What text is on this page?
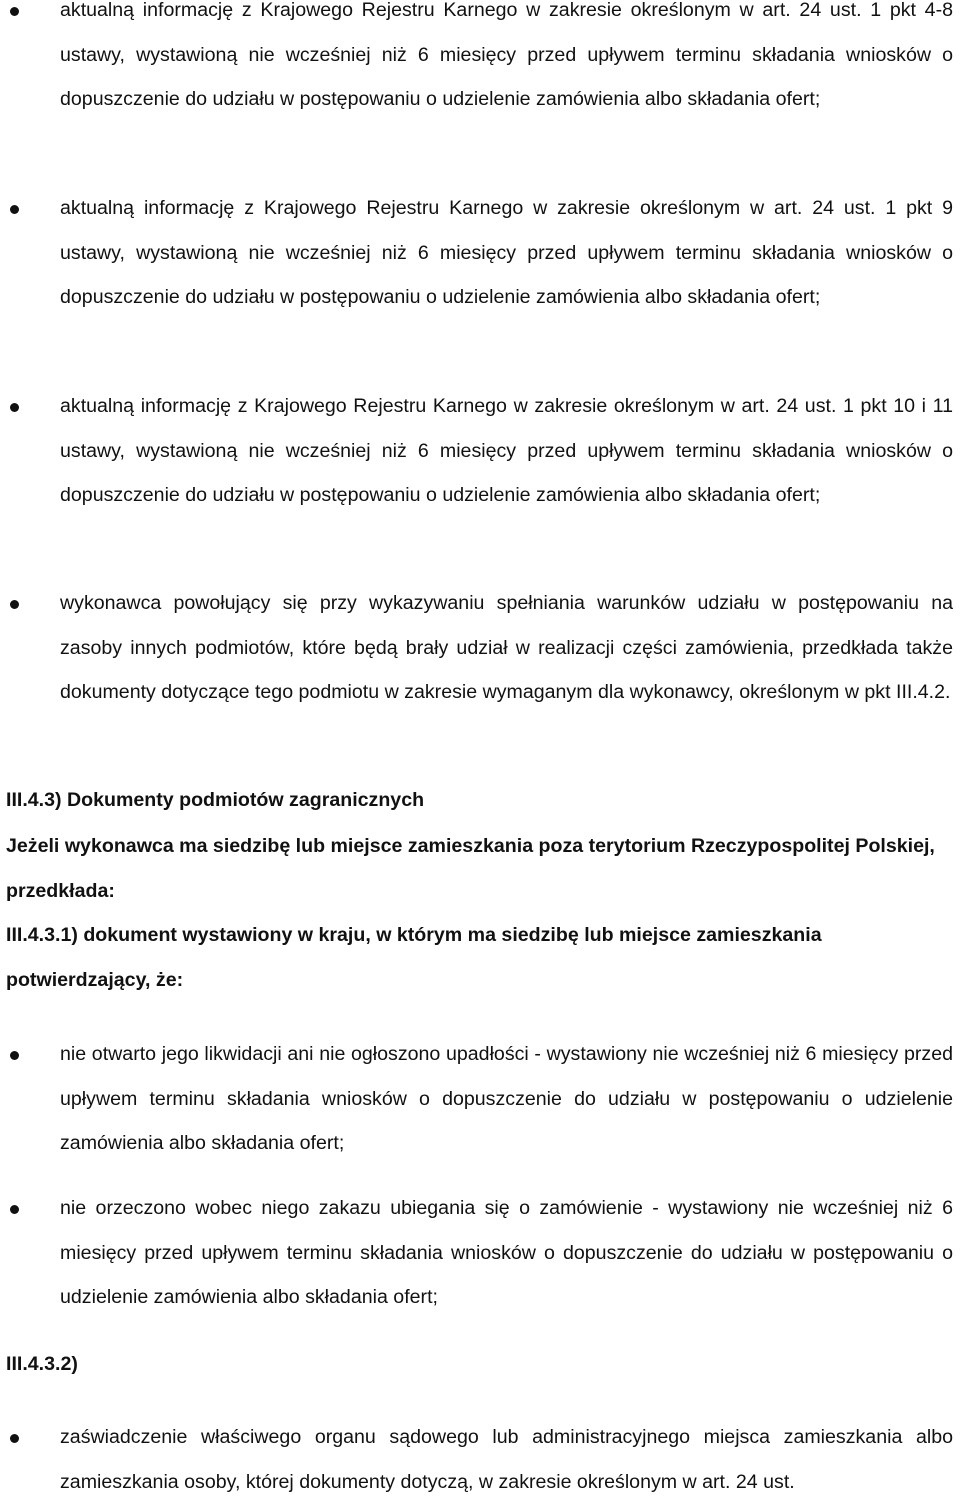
aktualną informację z Krajowego Rejestru Karnego w zakresie określonym w art. 24 ust. 1 pkt 4-8 ustawy, wystawioną nie wcześniej niż 6 miesięcy przed upływem terminu składania wniosków o dopuszczenie do udziału w postępowaniu o udzielenie zamówienia albo składania ofert;

aktualną informację z Krajowego Rejestru Karnego w zakresie określonym w art. 24 ust. 1 pkt 9 ustawy, wystawioną nie wcześniej niż 6 miesięcy przed upływem terminu składania wniosków o dopuszczenie do udziału w postępowaniu o udzielenie zamówienia albo składania ofert;

aktualną informację z Krajowego Rejestru Karnego w zakresie określonym w art. 24 ust. 1 pkt 10 i 11 ustawy, wystawioną nie wcześniej niż 6 miesięcy przed upływem terminu składania wniosków o dopuszczenie do udziału w postępowaniu o udzielenie zamówienia albo składania ofert;

wykonawca powołujący się przy wykazywaniu spełniania warunków udziału w postępowaniu na zasoby innych podmiotów, które będą brały udział w realizacji części zamówienia, przedkłada także dokumenty dotyczące tego podmiotu w zakresie wymaganym dla wykonawcy, określonym w pkt III.4.2.

III.4.3) Dokumenty podmiotów zagranicznych

Jeżeli wykonawca ma siedzibę lub miejsce zamieszkania poza terytorium Rzeczypospolitej Polskiej, przedkłada:

III.4.3.1) dokument wystawiony w kraju, w którym ma siedzibę lub miejsce zamieszkania potwierdzający, że:

nie otwarto jego likwidacji ani nie ogłoszono upadłości - wystawiony nie wcześniej niż 6 miesięcy przed upływem terminu składania wniosków o dopuszczenie do udziału w postępowaniu o udzielenie zamówienia albo składania ofert;

nie orzeczono wobec niego zakazu ubiegania się o zamówienie - wystawiony nie wcześniej niż 6 miesięcy przed upływem terminu składania wniosków o dopuszczenie do udziału w postępowaniu o udzielenie zamówienia albo składania ofert;

III.4.3.2)

zaświadczenie właściwego organu sądowego lub administracyjnego miejsca zamieszkania albo zamieszkania osoby, której dokumenty dotyczą, w zakresie określonym w art. 24 ust.
